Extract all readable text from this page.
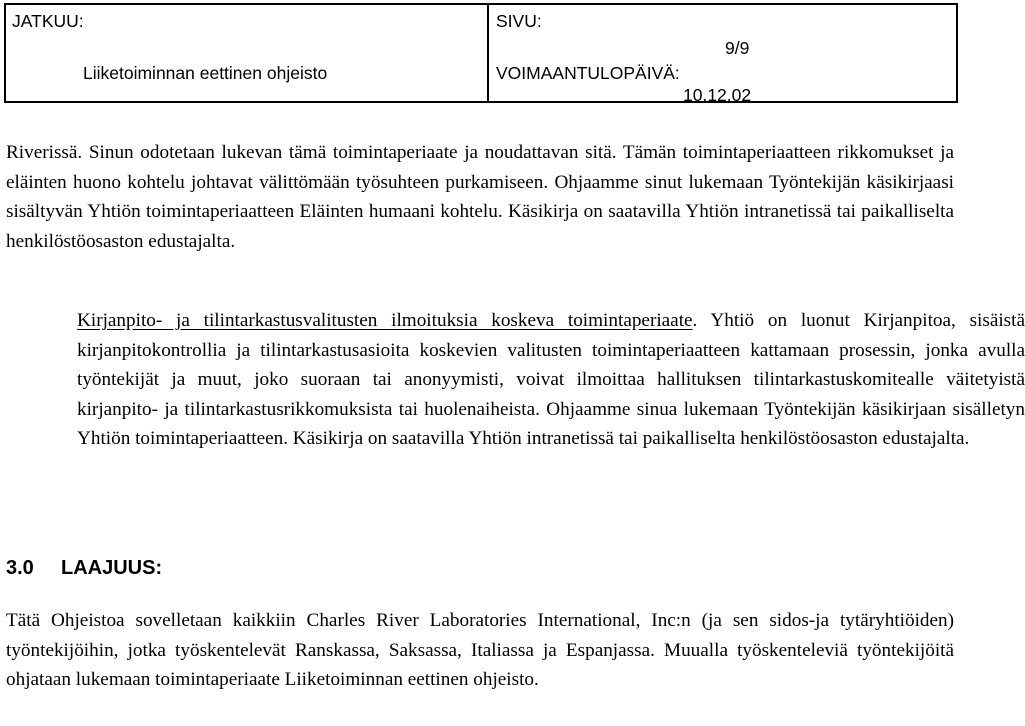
JATKUU:
Liiketoiminnan eettinen ohjeisto
SIVU:
9/9
VOIMAANTULOPÄIVÄ:
10.12.02
Riverissä. Sinun odotetaan lukevan tämä toimintaperiaate ja noudattavan sitä. Tämän toimintaperiaatteen rikkomukset ja eläinten huono kohtelu johtavat välittömään työsuhteen purkamiseen. Ohjaamme sinut lukemaan Työntekijän käsikirjaasi sisältyvän Yhtiön toimintaperiaatteen Eläinten humaani kohtelu. Käsikirja on saatavilla Yhtiön intranetissä tai paikalliselta henkilöstöosaston edustajalta.
Kirjanpito- ja tilintarkastusvalitusten ilmoituksia koskeva toimintaperiaate. Yhtiö on luonut Kirjanpitoa, sisäistä kirjanpitokontrollia ja tilintarkastusasioita koskevien valitusten toimintaperiaatteen kattamaan prosessin, jonka avulla työntekijät ja muut, joko suoraan tai anonyymisti, voivat ilmoittaa hallituksen tilintarkastuskomitealle väitetyistä kirjanpito- ja tilintarkastusrikkomuksista tai huolenaiheista. Ohjaamme sinua lukemaan Työntekijän käsikirjaan sisälletyn Yhtiön toimintaperiaatteen. Käsikirja on saatavilla Yhtiön intranetissä tai paikalliselta henkilöstöosaston edustajalta.
3.0 LAAJUUS:
Tätä Ohjeistoa sovelletaan kaikkiin Charles River Laboratories International, Inc:n (ja sen sidos-ja tytäryhtiöiden) työntekijöihin, jotka työskentelevät Ranskassa, Saksassa, Italiassa ja Espanjassa. Muualla työskenteleviä työntekijöitä ohjataan lukemaan toimintaperiaate Liiketoiminnan eettinen ohjeisto.
